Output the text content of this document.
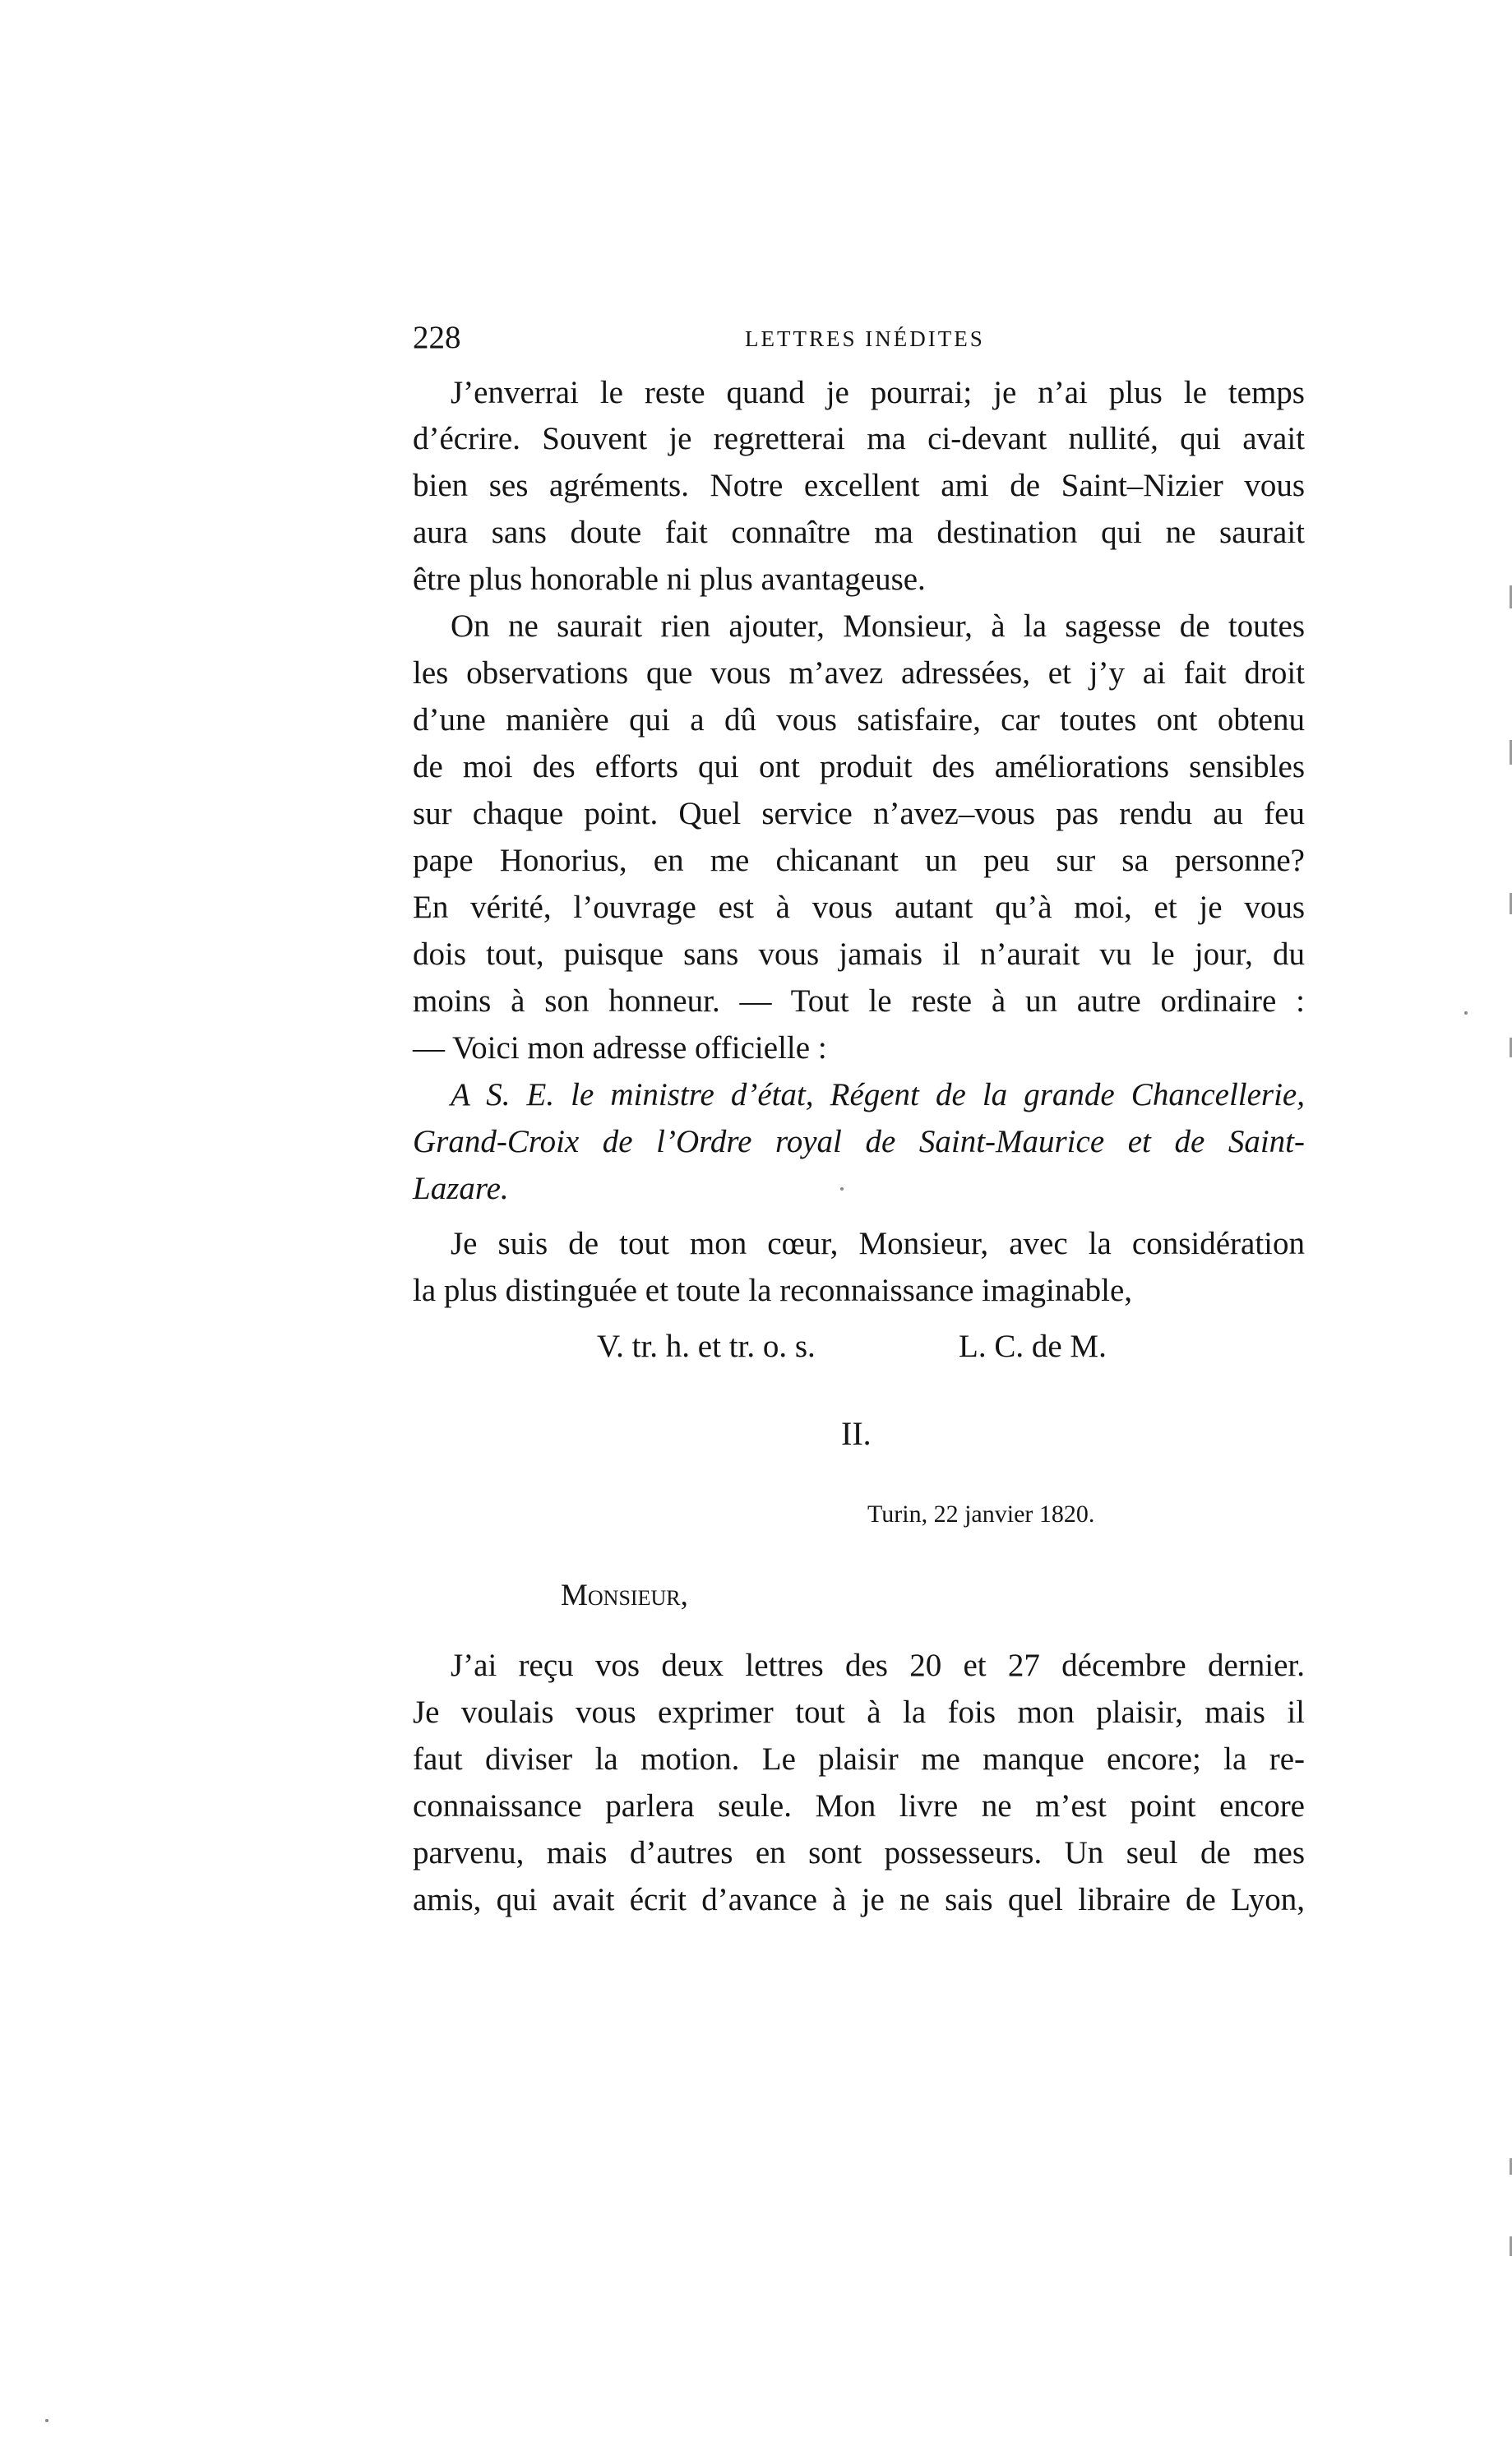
228	LETTRES INÉDITES
J’enverrai le reste quand je pourrai; je n’ai plus le temps
d’écrire. Souvent je regretterai ma ci-devant nullité, qui avait
bien ses agréments. Notre excellent ami de Saint–Nizier vous
aura sans doute fait connaître ma destination qui ne saurait
être plus honorable ni plus avantageuse.
On ne saurait rien ajouter, Monsieur, à la sagesse de toutes
les observations que vous m’avez adressées, et j’y ai fait droit
d’une manière qui a dû vous satisfaire, car toutes ont obtenu
de moi des efforts qui ont produit des améliorations sensibles
sur chaque point. Quel service n’avez–vous pas rendu au feu
pape Honorius, en me chicanant un peu sur sa personne?
En vérité, l’ouvrage est à vous autant qu’à moi, et je vous
dois tout, puisque sans vous jamais il n’aurait vu le jour, du
moins à son honneur. — Tout le reste à un autre ordinaire :
— Voici mon adresse officielle :
A S. E. le ministre d’état, Régent de la grande Chancellerie,
Grand-Croix de l’Ordre royal de Saint-Maurice et de Saint-
Lazare.
Je suis de tout mon cœur, Monsieur, avec la considération
la plus distinguée et toute la reconnaissance imaginable,
V. tr. h. et tr. o. s.	L. C. de M.
II.
Turin, 22 janvier 1820.
Monsieur,
J’ai reçu vos deux lettres des 20 et 27 décembre dernier.
Je voulais vous exprimer tout à la fois mon plaisir, mais il
faut diviser la motion. Le plaisir me manque encore; la re-
connaissance parlera seule. Mon livre ne m’est point encore
parvenu, mais d’autres en sont possesseurs. Un seul de mes
amis, qui avait écrit d’avance à je ne sais quel libraire de Lyon,
